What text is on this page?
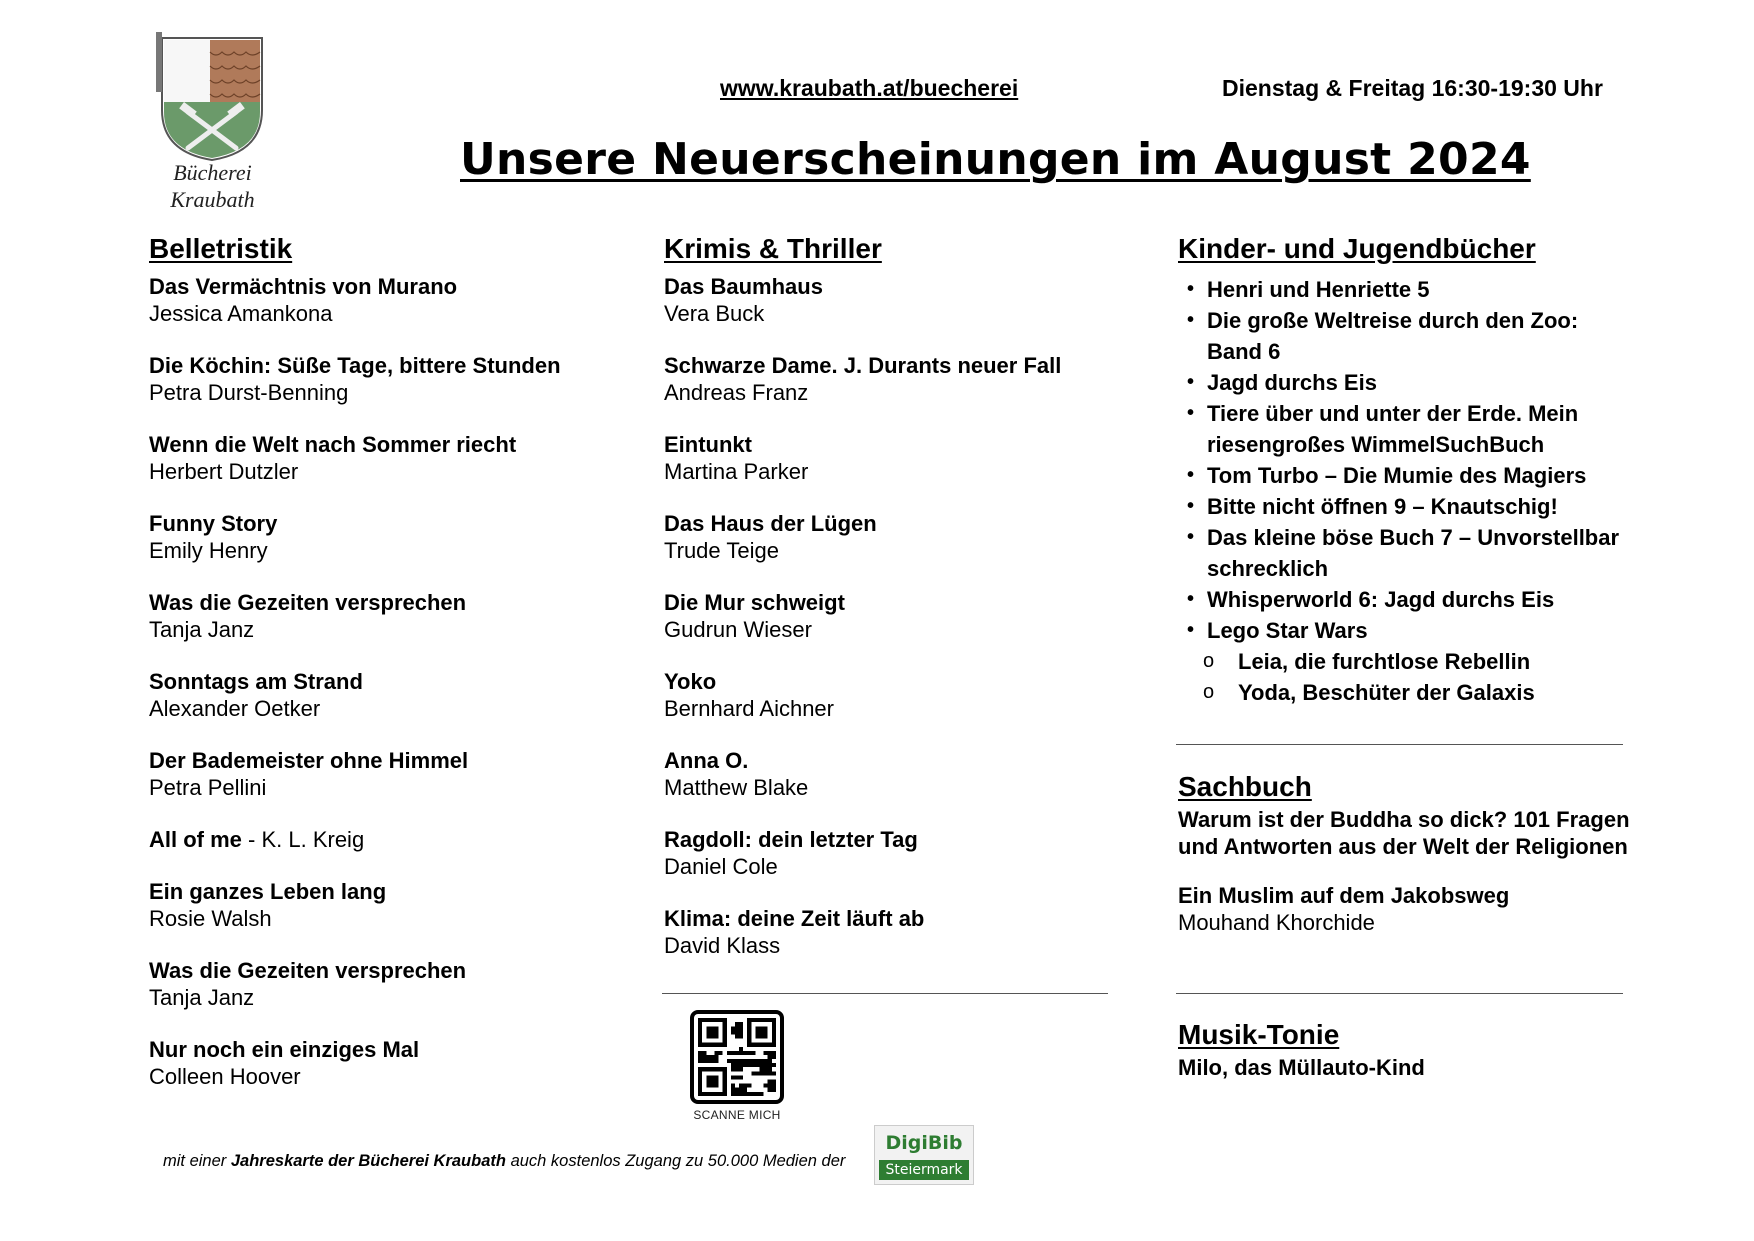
Bücherei
Kraubath
www.kraubath.at/buecherei	Dienstag & Freitag 16:30-19:30 Uhr
Unsere Neuerscheinungen im August 2024
Belletristik
Das Vermächtnis von Murano
Jessica Amankona
Die Köchin: Süße Tage, bittere Stunden
Petra Durst-Benning
Wenn die Welt nach Sommer riecht
Herbert Dutzler
Funny Story
Emily Henry
Was die Gezeiten versprechen
Tanja Janz
Sonntags am Strand
Alexander Oetker
Der Bademeister ohne Himmel
Petra Pellini
All of me - K. L. Kreig
Ein ganzes Leben lang
Rosie Walsh
Was die Gezeiten versprechen
Tanja Janz
Nur noch ein einziges Mal
Colleen Hoover
Krimis & Thriller
Das Baumhaus
Vera Buck
Schwarze Dame. J. Durants neuer Fall
Andreas Franz
Eintunkt
Martina Parker
Das Haus der Lügen
Trude Teige
Die Mur schweigt
Gudrun Wieser
Yoko
Bernhard Aichner
Anna O.
Matthew Blake
Ragdoll: dein letzter Tag
Daniel Cole
Klima: deine Zeit läuft ab
David Klass
Kinder- und Jugendbücher
• Henri und Henriette 5
• Die große Weltreise durch den Zoo: Band 6
• Jagd durchs Eis
• Tiere über und unter der Erde. Mein riesengroßes WimmelSuchBuch
• Tom Turbo – Die Mumie des Magiers
• Bitte nicht öffnen 9 – Knautschig!
• Das kleine böse Buch 7 – Unvorstellbar schrecklich
• Whisperworld 6: Jagd durchs Eis
• Lego Star Wars
o Leia, die furchtlose Rebellin
o Yoda, Beschüter der Galaxis
Sachbuch
Warum ist der Buddha so dick? 101 Fragen und Antworten aus der Welt der Religionen
Ein Muslim auf dem Jakobsweg
Mouhand Khorchide
Musik-Tonie
Milo, das Müllauto-Kind
SCANNE MICH
mit einer Jahreskarte der Bücherei Kraubath auch kostenlos Zugang zu 50.000 Medien der
DigiBib
Steiermark
